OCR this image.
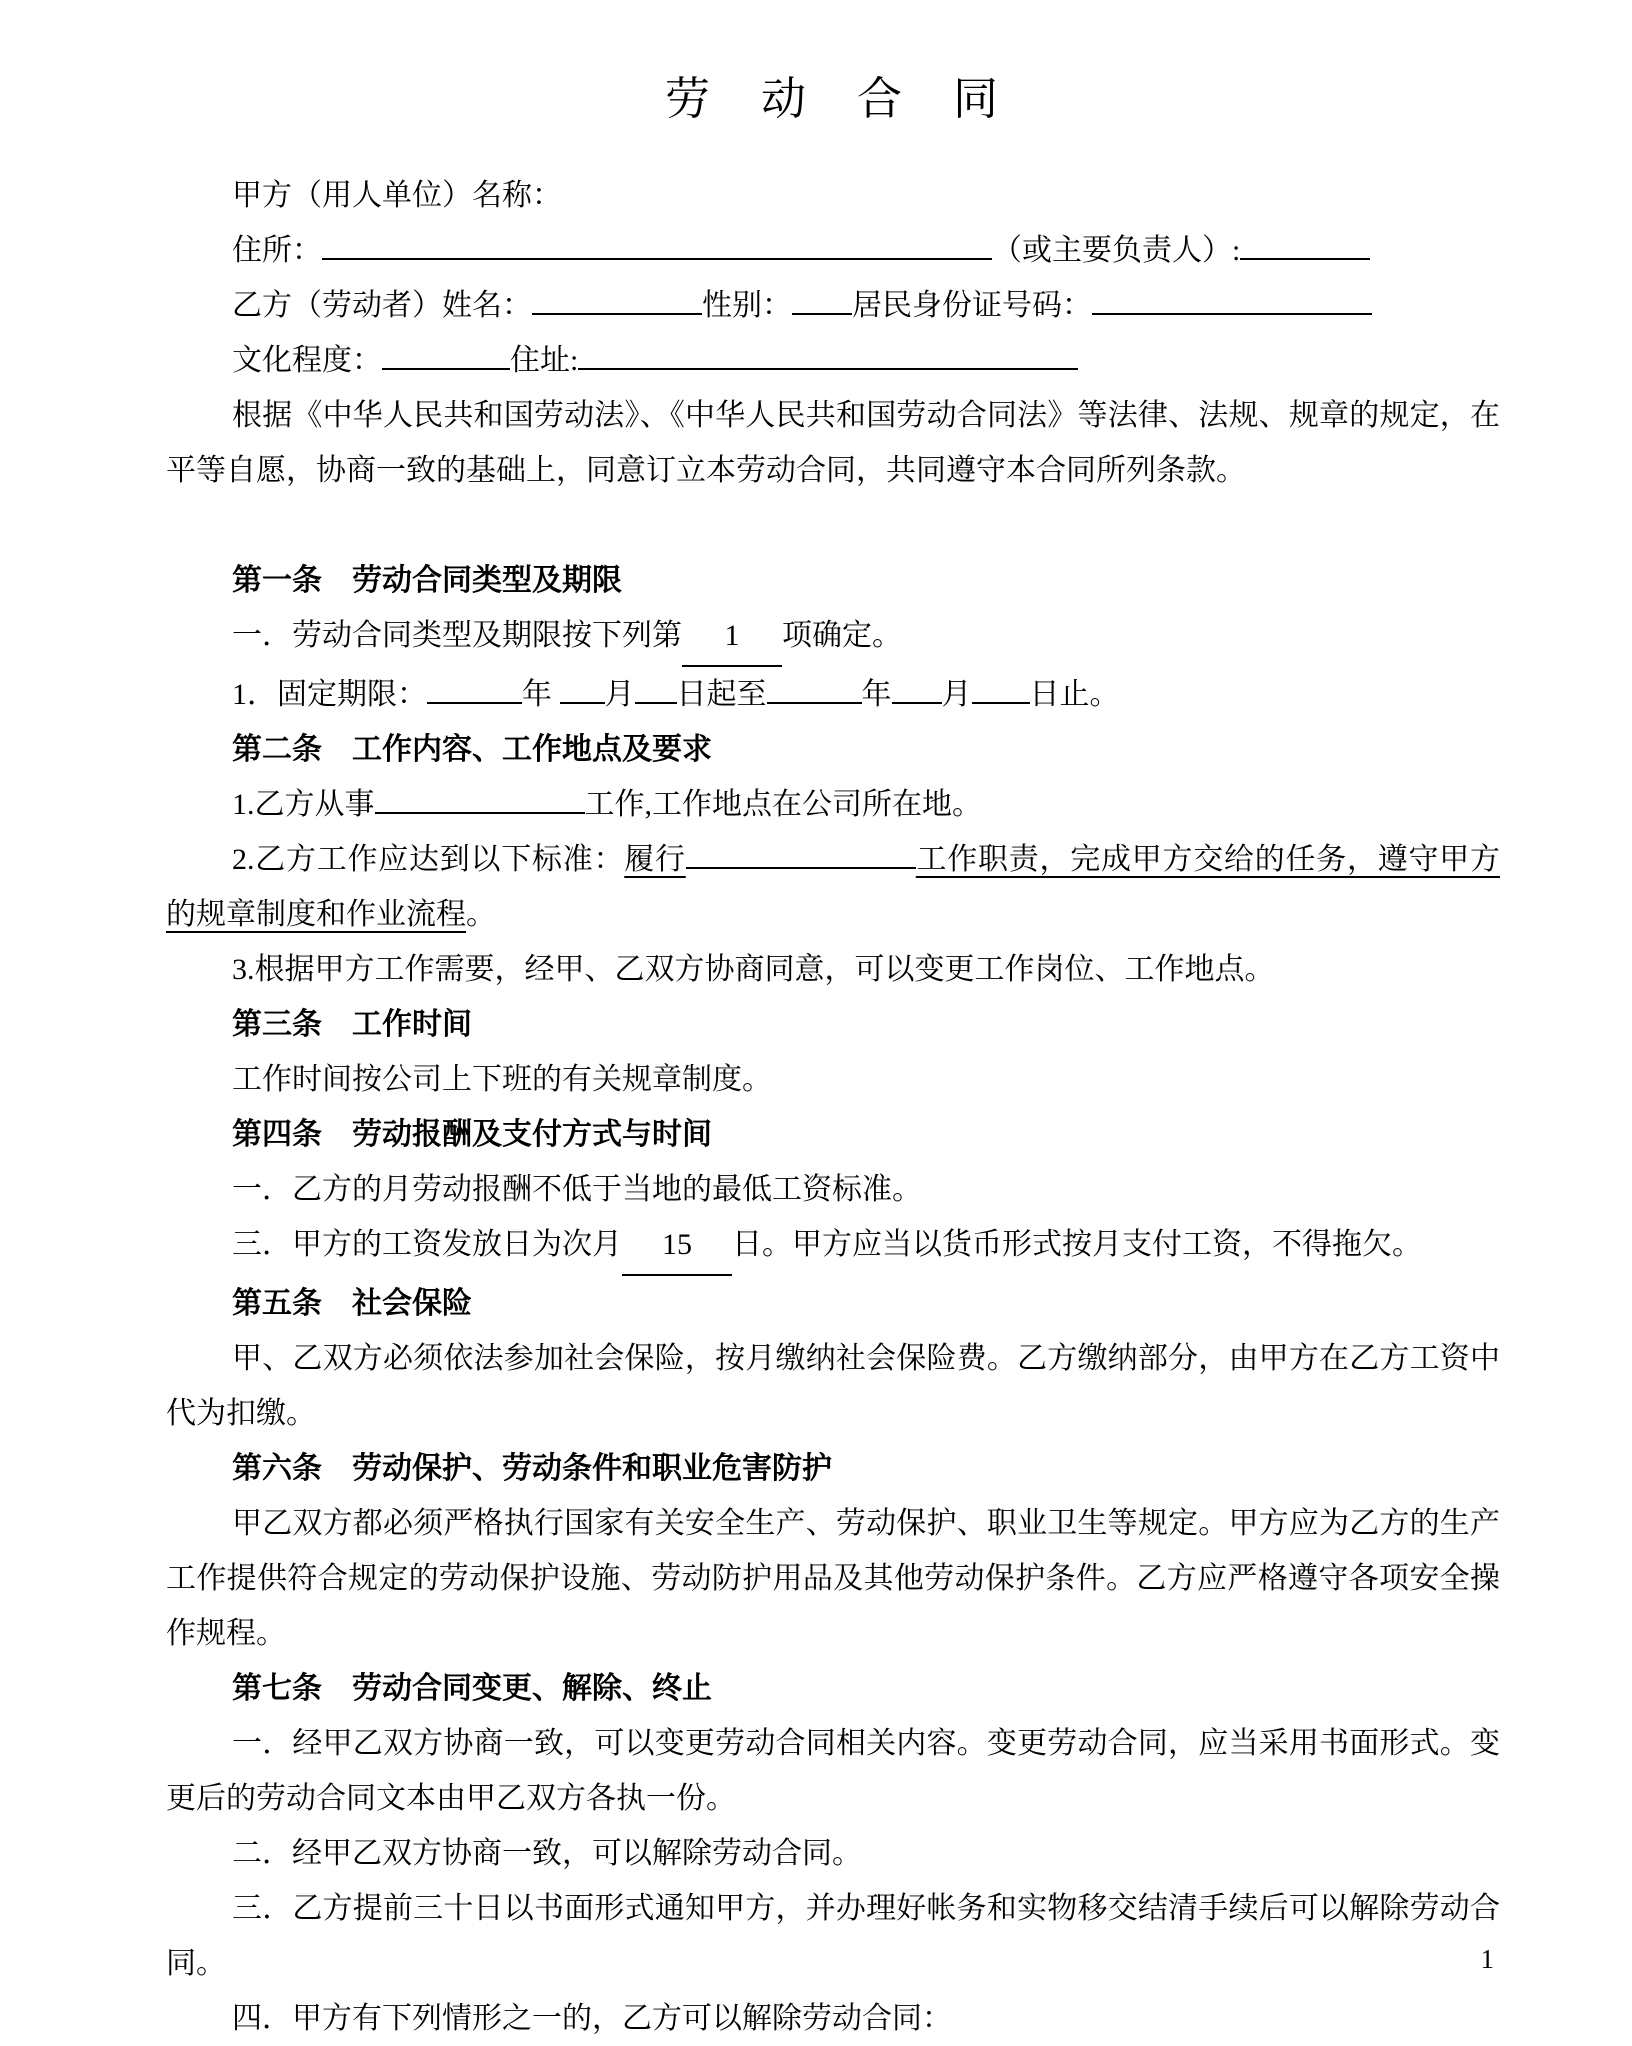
劳　动　合　同

甲方（用人单位）名称：

住所：	（或主要负责人）:

乙方（劳动者）姓名：	性别： 居民身份证号码：

文化程度：	住址:

根据《中华人民共和国劳动法》、《中华人民共和国劳动合同法》等法律、法规、规章的规定，在平等自愿，协商一致的基础上，同意订立本劳动合同，共同遵守本合同所列条款。

第一条　劳动合同类型及期限

一．劳动合同类型及期限按下列第 1 项确定。

1．固定期限：	年 月 日起至	年 月 日止。

第二条　工作内容、工作地点及要求

1.乙方从事	工作,工作地点在公司所在地。

2.乙方工作应达到以下标准：履行	工作职责，完成甲方交给的任务，遵守甲方的规章制度和作业流程。

3.根据甲方工作需要，经甲、乙双方协商同意，可以变更工作岗位、工作地点。

第三条　工作时间

工作时间按公司上下班的有关规章制度。

第四条　劳动报酬及支付方式与时间

一．乙方的月劳动报酬不低于当地的最低工资标准。

三．甲方的工资发放日为次月 15 日。甲方应当以货币形式按月支付工资，不得拖欠。

第五条　社会保险

甲、乙双方必须依法参加社会保险，按月缴纳社会保险费。乙方缴纳部分，由甲方在乙方工资中代为扣缴。

第六条　劳动保护、劳动条件和职业危害防护

甲乙双方都必须严格执行国家有关安全生产、劳动保护、职业卫生等规定。甲方应为乙方的生产工作提供符合规定的劳动保护设施、劳动防护用品及其他劳动保护条件。乙方应严格遵守各项安全操作规程。

第七条　劳动合同变更、解除、终止

一．经甲乙双方协商一致，可以变更劳动合同相关内容。变更劳动合同，应当采用书面形式。变更后的劳动合同文本由甲乙双方各执一份。

二．经甲乙双方协商一致，可以解除劳动合同。

三．乙方提前三十日以书面形式通知甲方，并办理好帐务和实物移交结清手续后可以解除劳动合同。

四．甲方有下列情形之一的，乙方可以解除劳动合同：

1
